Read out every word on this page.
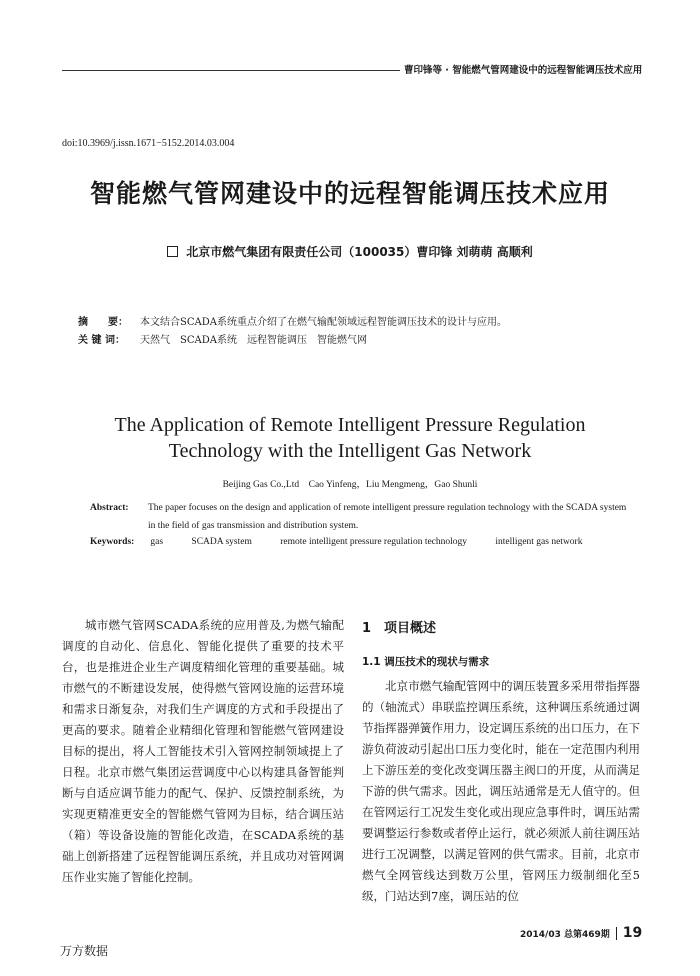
曹印锋等 · 智能燃气管网建设中的远程智能调压技术应用
doi:10.3969/j.issn.1671−5152.2014.03.004
智能燃气管网建设中的远程智能调压技术应用
北京市燃气集团有限责任公司（100035）曹印锋 刘萌萌 高顺利
摘　　要： 本文结合SCADA系统重点介绍了在燃气输配领域远程智能调压技术的设计与应用。
关 键 词： 天然气　SCADA系统　远程智能调压　智能燃气网
The Application of Remote Intelligent Pressure Regulation
Technology with the Intelligent Gas Network
Beijing Gas Co.,Ltd　Cao Yinfeng，Liu Mengmeng，Gao Shunli
Abstract:	The paper focuses on the design and application of remote intelligent pressure regulation technology with the SCADA system in the field of gas transmission and distribution system.
Keywords: gas	SCADA system	remote intelligent pressure regulation technology	intelligent gas network

城市燃气管网SCADA系统的应用普及,为燃气输配调度的自动化、信息化、智能化提供了重要的技术平台，也是推进企业生产调度精细化管理的重要基础。城市燃气的不断建设发展，使得燃气管网设施的运营环境和需求日渐复杂，对我们生产调度的方式和手段提出了更高的要求。随着企业精细化管理和智能燃气管网建设目标的提出，将人工智能技术引入管网控制领域提上了日程。北京市燃气集团运营调度中心以构建具备智能判断与自适应调节能力的配气、保护、反馈控制系统，为实现更精准更安全的智能燃气管网为目标，结合调压站（箱）等设备设施的智能化改造，在SCADA系统的基础上创新搭建了远程智能调压系统，并且成功对管网调压作业实施了智能化控制。

1　项目概述
1.1 调压技术的现状与需求

北京市燃气输配管网中的调压装置多采用带指挥器的（轴流式）串联监控调压系统，这种调压系统通过调节指挥器弹簧作用力，设定调压系统的出口压力，在下游负荷波动引起出口压力变化时，能在一定范围内利用上下游压差的变化改变调压器主阀口的开度，从而满足下游的供气需求。因此，调压站通常是无人值守的。但在管网运行工况发生变化或出现应急事件时，调压站需要调整运行参数或者停止运行，就必须派人前往调压站进行工况调整，以满足管网的供气需求。目前，北京市燃气全网管线达到数万公里，管网压力级制细化至5级，门站达到7座，调压站的位

2014/03 总第469期 19
万方数据
